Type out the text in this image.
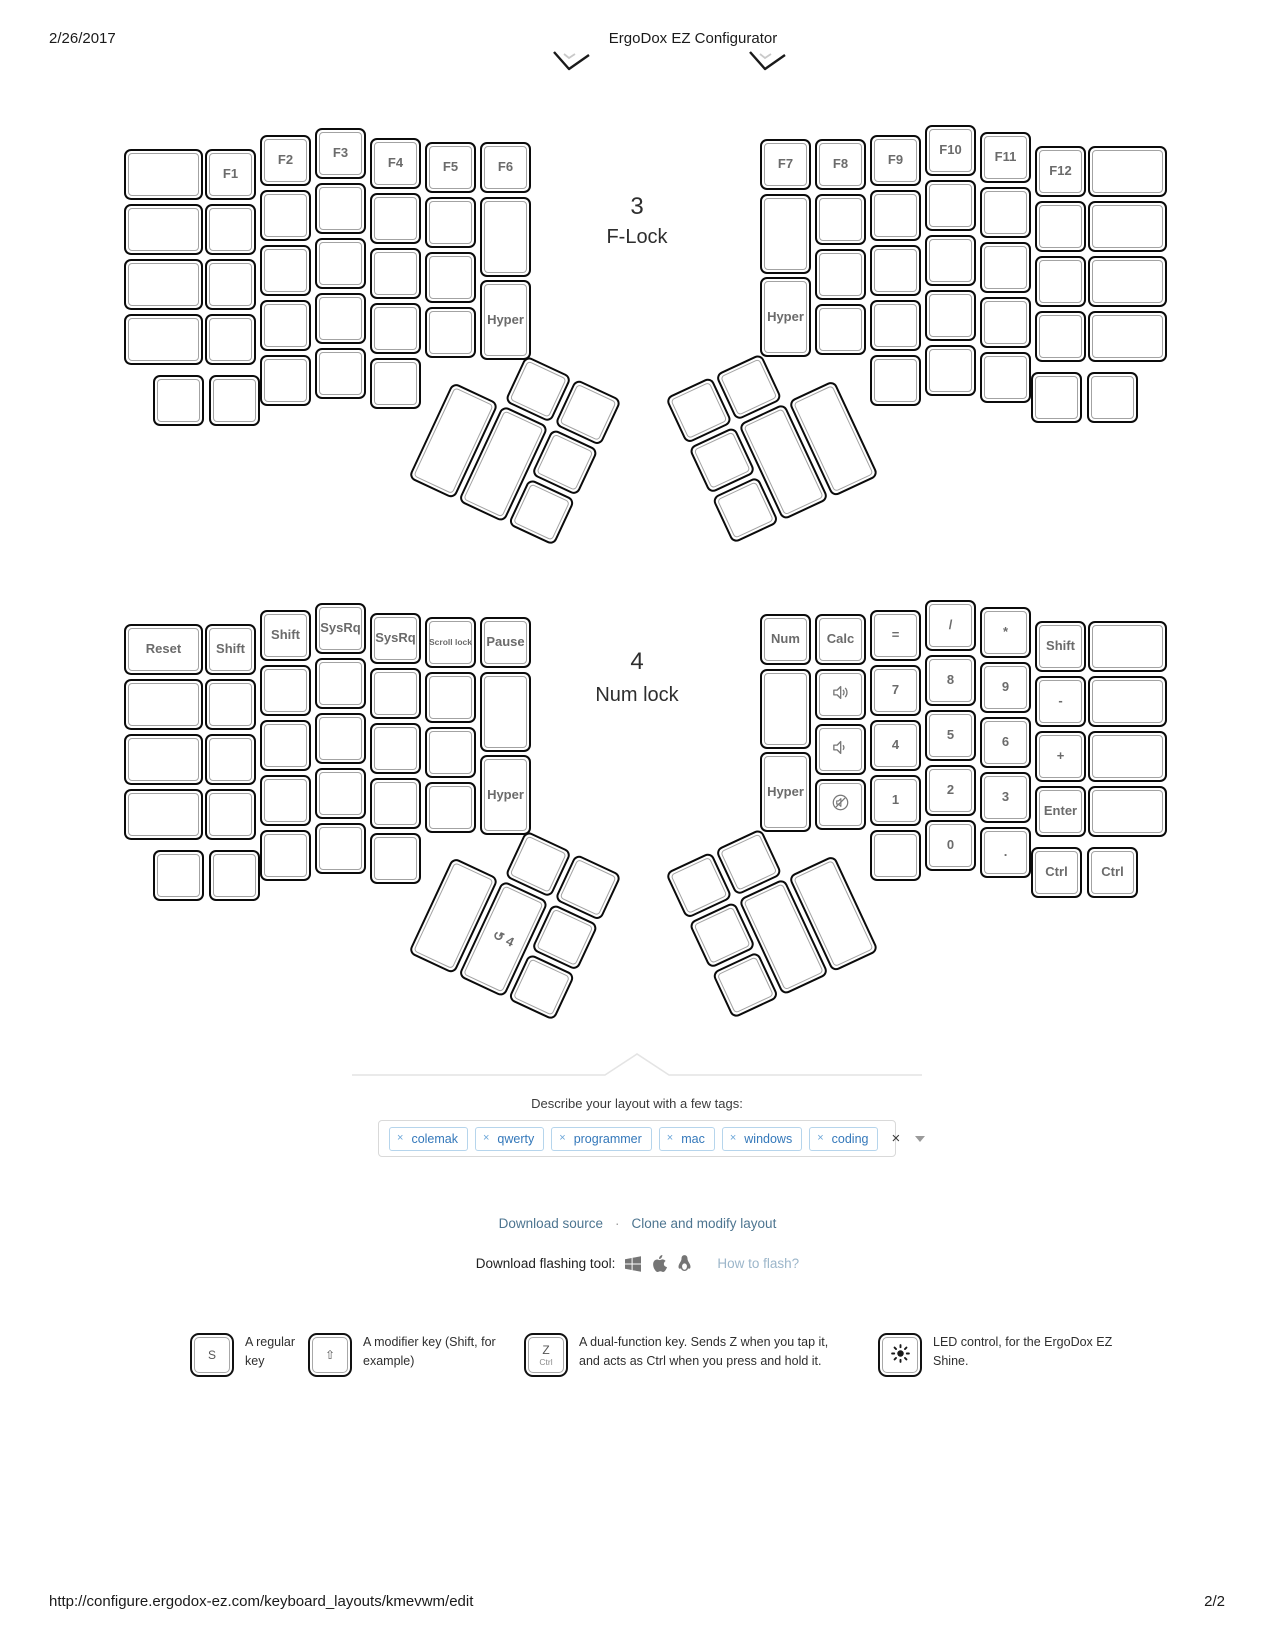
2/26/2017	ErgoDox EZ Configurator
3
F-Lock
F1
F2	F3
F4	F5	F6
Hyper
F7
Hyper
F8	F9
F10	F11
F12
4
Num lock
Reset	Shift
Shift SysRq
SysRq Scroll lock Pause
Hyper
Num
Hyper
Calc	=
7
4
1
/
8
5
2
0
*
9
6
3
.
Shift
-
+
Enter
Ctrl	Ctrl
↺ 4
Describe your layout with a few tags:
× colemak × qwerty × programmer × mac × windows × coding ×
Download source · Clone and modify layout
Download flashing tool:	How to flash?
S
A regular key	⇧
A modifier key (Shift, for example)
Z
Ctrl
A dual-function key. Sends Z when you tap it, and acts as Ctrl when you press and hold it.
LED control, for the ErgoDox EZ Shine.
http://configure.ergodox-ez.com/keyboard_layouts/kmevwm/edit	2/2
